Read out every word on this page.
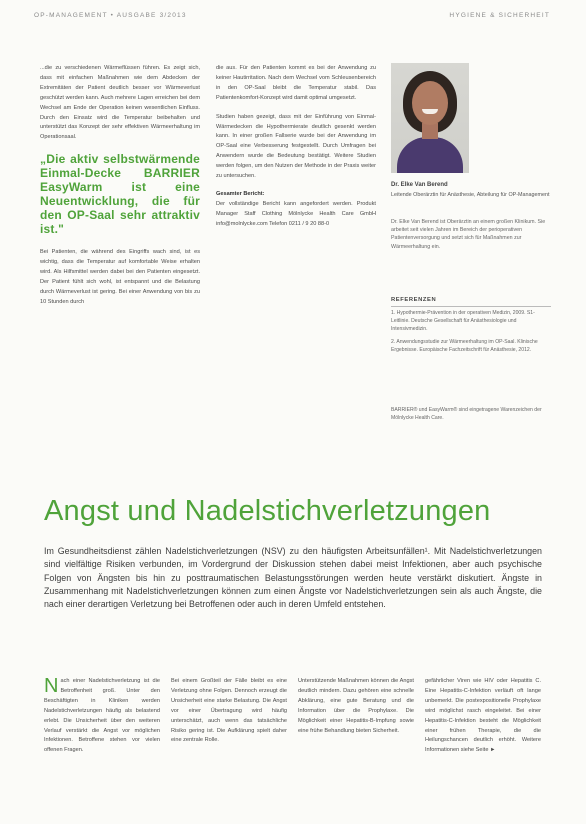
OP-MANAGEMENT • AUSGABE 3/2013	HYGIENE & SICHERHEIT

...die zu verschiedenen Wärmeflüssen führen. Es zeigt sich, dass mit einfachen Maßnahmen wie dem Abdecken der Extremitäten der Patient deutlich besser vor Wärmeverlust geschützt werden kann. Auch mehrere Lagen erreichen bei dem Wechsel am Ende der Operation keinen wesentlichen Einfluss. Durch den Einsatz wird die Temperatur beibehalten und unterstützt das Konzept der sehr effektiven Wärmeerhaltung im Operationsaal.

„Die aktiv selbstwärmende Einmal-Decke BARRIER EasyWarm ist eine Neuentwicklung, die für den OP-Saal sehr attraktiv ist."

Bei Patienten, die während des Eingriffs wach sind, ist es wichtig, dass die Temperatur auf komfortable Weise erhalten wird. Als Hilfsmittel werden dabei bei den Patienten eingesetzt. Der Patient fühlt sich wohl, ist entspannt und die Belastung durch Wärmeverlust ist gering. Bei einer Anwendung von bis zu 10 Stunden durch

die aus. Für den Patienten kommt es bei der Anwendung zu keiner Hautirritation. Nach dem Wechsel vom Schleusenbereich in den OP-Saal bleibt die Temperatur stabil. Das Patientenkomfort-Konzept wird damit optimal umgesetzt.

Studien haben gezeigt, dass mit der Einführung von Einmal-Wärmedecken die Hypothermierate deutlich gesenkt werden kann. In einer großen Fallserie wurde bei der Anwendung im OP-Saal eine Verbesserung festgestellt. Durch Umfragen bei Anwendern wurde die Bedeutung bestätigt. Weitere Studien werden folgen, um den Nutzen der Methode in der Praxis weiter zu untersuchen.

Gesamter Bericht:

Der vollständige Bericht kann angefordert werden. Produkt Manager Staff Clothing Mölnlycke Health Care GmbH info@molnlycke.com Telefon 0211 / 9 20 88-0

Dr. Elke Van Berend
Leitende Oberärztin für Anästhesie, Abteilung für OP-Management
Dr. Elke Van Berend ist Oberärztin an einem großen Klinikum. Sie arbeitet seit vielen Jahren im Bereich der perioperativen Patientenversorgung und setzt sich für Maßnahmen zur Wärmeerhaltung ein.
REFERENZEN
1. Hypothermie-Prävention in der operativen Medizin, 2009. S1-Leitlinie. Deutsche Gesellschaft für Anästhesiologie und Intensivmedizin.
2. Anwendungsstudie zur Wärmeerhaltung im OP-Saal. Klinische Ergebnisse. Europäische Fachzeitschrift für Anästhesie, 2012.
BARRIER® und EasyWarm® sind eingetragene Warenzeichen der Mölnlycke Health Care.
Angst und Nadelstichverletzungen
Im Gesundheitsdienst zählen Nadelstichverletzungen (NSV) zu den häufigsten Arbeitsunfällen¹. Mit Nadelstichverletzungen sind vielfältige Risiken verbunden, im Vordergrund der Diskussion stehen dabei meist Infektionen, aber auch psychische Folgen von Ängsten bis hin zu posttraumatischen Belastungsstörungen werden heute verstärkt diskutiert. Ängste in Zusammenhang mit Nadelstichverletzungen können zum einen Ängste vor Nadelstichverletzungen sein als auch Ängste, die nach einer derartigen Verletzung bei Betroffenen oder auch in deren Umfeld entstehen.
Nach einer Nadelstichverletzung ist die Betroffenheit groß. Unter den Beschäftigten in Kliniken werden Nadelstichverletzungen häufig als belastend erlebt. Die Unsicherheit über den weiteren Verlauf verstärkt die Angst vor möglichen Infektionen. Betroffene stehen vor vielen offenen Fragen.
Bei einem Großteil der Fälle bleibt es eine Verletzung ohne Folgen. Dennoch erzeugt die Unsicherheit eine starke Belastung. Die Angst vor einer Übertragung wird häufig unterschätzt, auch wenn das tatsächliche Risiko gering ist. Die Aufklärung spielt daher eine zentrale Rolle.
Unterstützende Maßnahmen können die Angst deutlich mindern. Dazu gehören eine schnelle Abklärung, eine gute Beratung und die Information über die Prophylaxe. Die Möglichkeit einer Hepatitis-B-Impfung sowie eine frühe Behandlung bieten Sicherheit.
gefährlicher Viren wie HIV oder Hepatitis C. Eine Hepatitis-C-Infektion verläuft oft lange unbemerkt. Die postexpositionelle Prophylaxe wird möglichst rasch eingeleitet. Bei einer Hepatitis-C-Infektion besteht die Möglichkeit einer frühen Therapie, die die Heilungschancen deutlich erhöht. Weitere Informationen siehe Seite ►
